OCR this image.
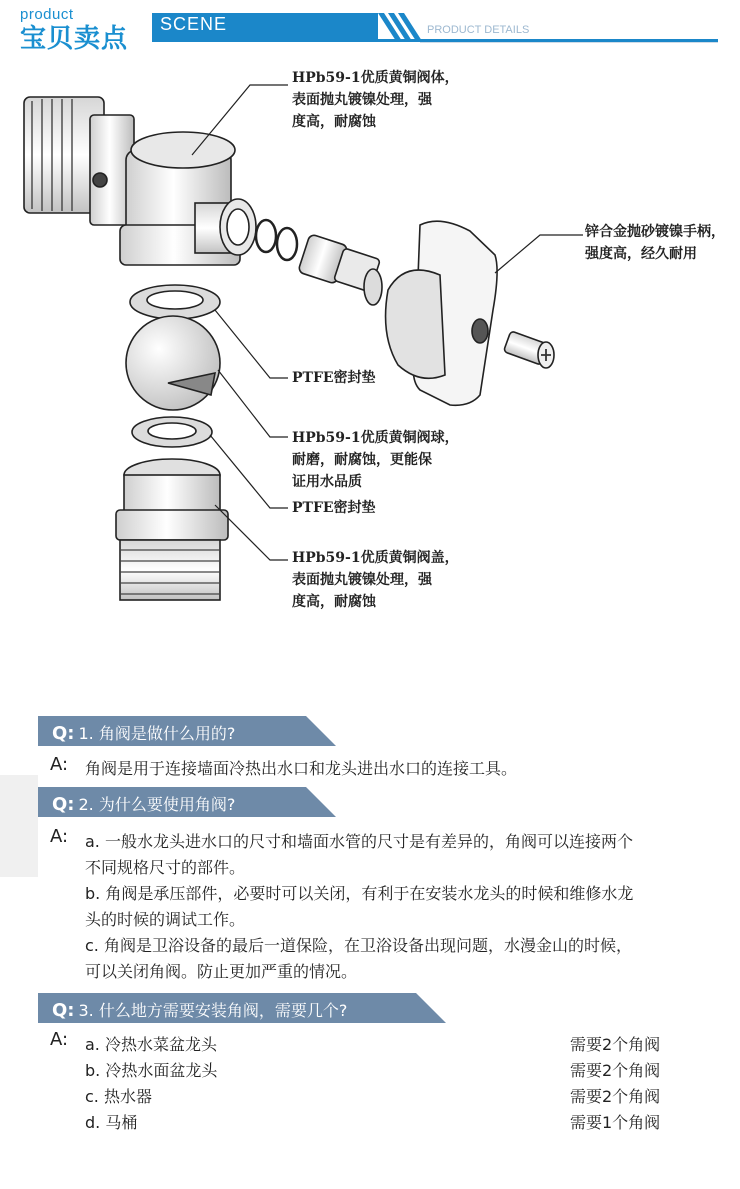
product
宝贝卖点 SCENE	PRODUCT DETAILS
HPb59-1优质黄铜阀体，
表面抛丸镀镍处理，强
度高，耐腐蚀
锌合金抛砂镀镍手柄，
强度高，经久耐用
PTFE密封垫
HPb59-1优质黄铜阀球，
耐磨，耐腐蚀，更能保
证用水品质
PTFE密封垫
HPb59-1优质黄铜阀盖，
表面抛丸镀镍处理，强
度高，耐腐蚀
Q: 1. 角阀是做什么用的?
A: 角阀是用于连接墙面冷热出水口和龙头进出水口的连接工具。
Q: 2. 为什么要使用角阀?
A: a. 一般水龙头进水口的尺寸和墙面水管的尺寸是有差异的，角阀可以连接两个
不同规格尺寸的部件。
b. 角阀是承压部件，必要时可以关闭，有利于在安装水龙头的时候和维修水龙
头的时候的调试工作。
c. 角阀是卫浴设备的最后一道保险，在卫浴设备出现问题，水漫金山的时候，
可以关闭角阀。防止更加严重的情况。
Q: 3. 什么地方需要安装角阀，需要几个?
A: a. 冷热水菜盆龙头	需要2个角阀
b. 冷热水面盆龙头	需要2个角阀
c. 热水器	需要2个角阀
d. 马桶	需要1个角阀
